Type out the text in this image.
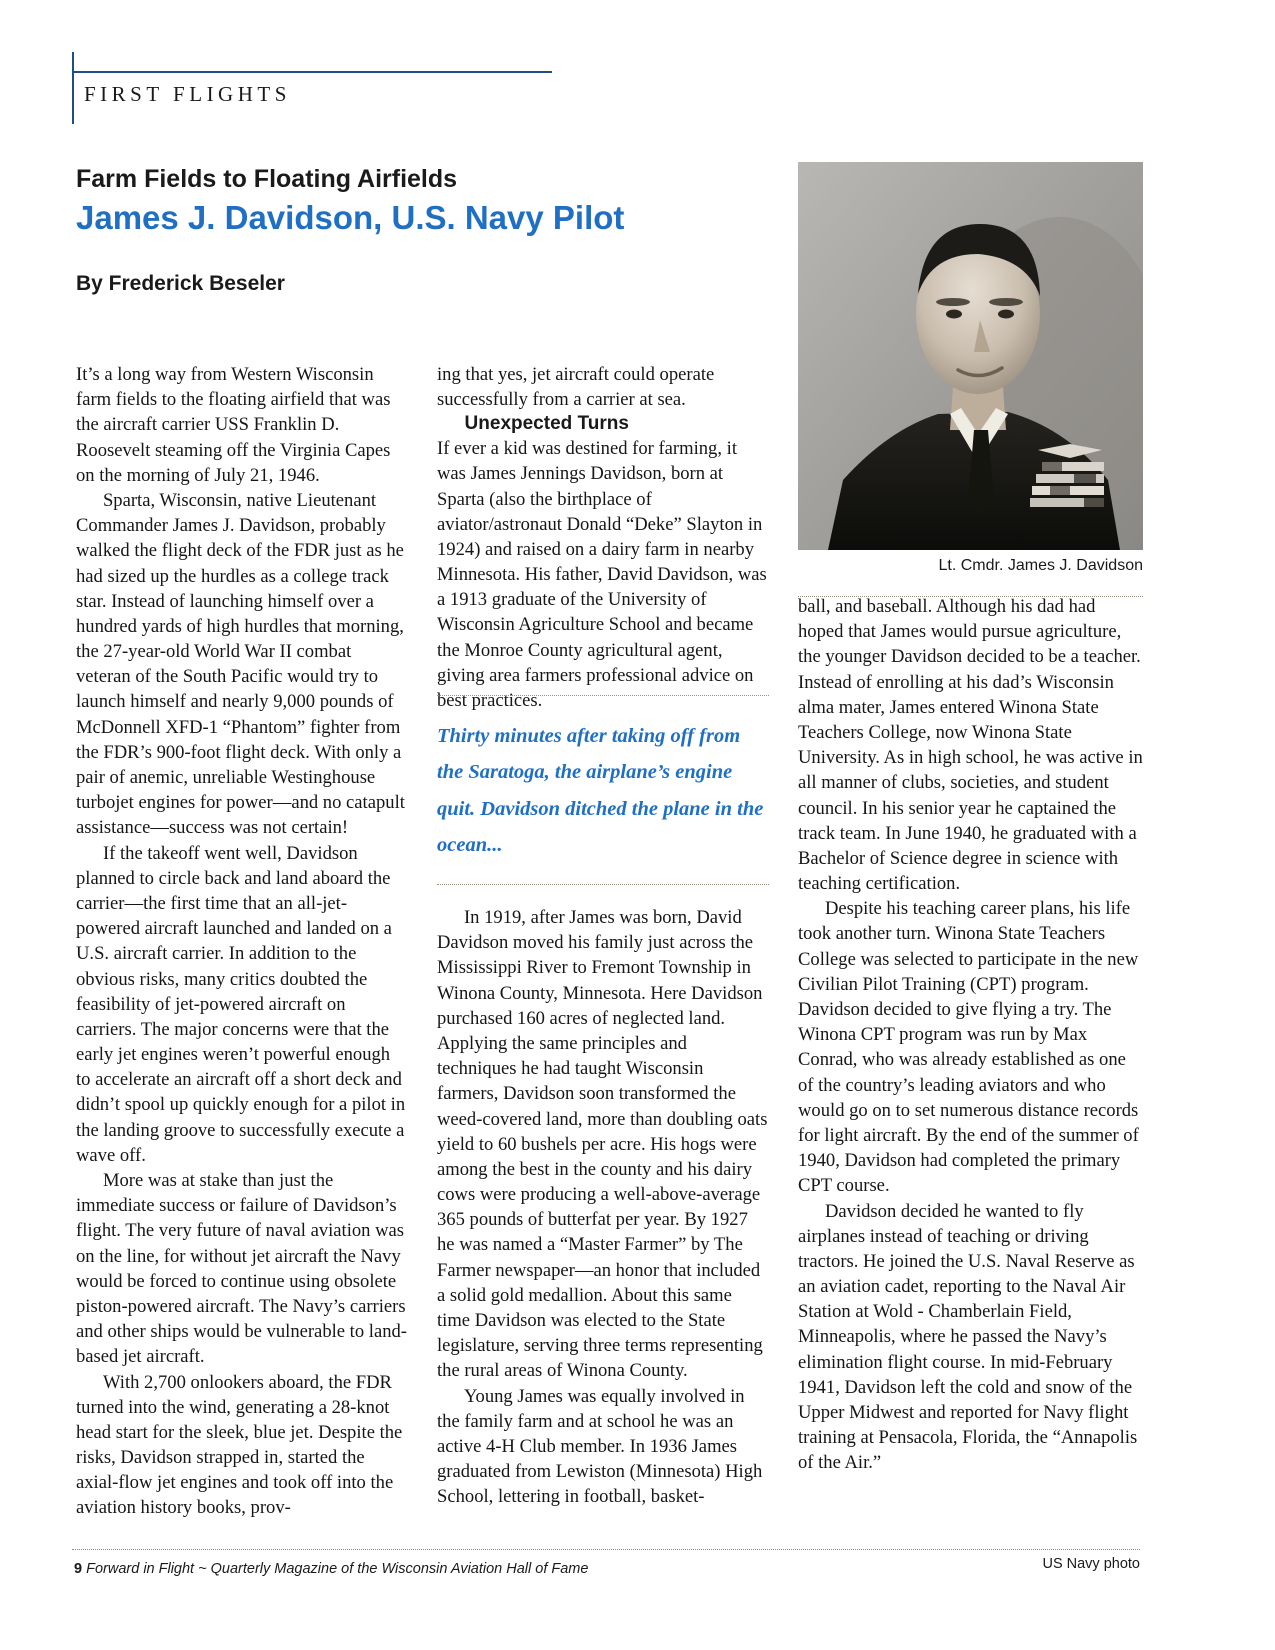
FIRST FLIGHTS
Farm Fields to Floating Airfields
James J. Davidson, U.S. Navy Pilot
By Frederick Beseler
Lt. Cmdr. James J. Davidson

It’s a long way from Western Wisconsin farm fields to the floating airfield that was the aircraft carrier USS Franklin D. Roosevelt steaming off the Virginia Capes on the morning of July 21, 1946.

Sparta, Wisconsin, native Lieutenant Commander James J. Davidson, probably walked the flight deck of the FDR just as he had sized up the hurdles as a college track star. Instead of launching himself over a hundred yards of high hurdles that morning, the 27-year-old World War II combat veteran of the South Pacific would try to launch himself and nearly 9,000 pounds of McDonnell XFD-1 “Phantom” fighter from the FDR’s 900-foot flight deck. With only a pair of anemic, unreliable Westinghouse turbojet engines for power—and no catapult assistance—success was not certain!

If the takeoff went well, Davidson planned to circle back and land aboard the carrier—the first time that an all-jet-powered aircraft launched and landed on a U.S. aircraft carrier. In addition to the obvious risks, many critics doubted the feasibility of jet-powered aircraft on carriers. The major concerns were that the early jet engines weren’t powerful enough to accelerate an aircraft off a short deck and didn’t spool up quickly enough for a pilot in the landing groove to successfully execute a wave off.

More was at stake than just the immediate success or failure of Davidson’s flight. The very future of naval aviation was on the line, for without jet aircraft the Navy would be forced to continue using obsolete piston-powered aircraft. The Navy’s carriers and other ships would be vulnerable to land-based jet aircraft.

With 2,700 onlookers aboard, the FDR turned into the wind, generating a 28-knot head start for the sleek, blue jet. Despite the risks, Davidson strapped in, started the axial-flow jet engines and took off into the aviation history books, prov-

ing that yes, jet aircraft could operate successfully from a carrier at sea.

Unexpected Turns

If ever a kid was destined for farming, it was James Jennings Davidson, born at Sparta (also the birthplace of aviator/astronaut Donald “Deke” Slayton in 1924) and raised on a dairy farm in nearby Minnesota. His father, David Davidson, was a 1913 graduate of the University of Wisconsin Agriculture School and became the Monroe County agricultural agent, giving area farmers professional advice on best practices.

Thirty minutes after taking off from the Saratoga, the airplane’s engine quit. Davidson ditched the plane in the ocean...

In 1919, after James was born, David Davidson moved his family just across the Mississippi River to Fremont Township in Winona County, Minnesota. Here Davidson purchased 160 acres of neglected land. Applying the same principles and techniques he had taught Wisconsin farmers, Davidson soon transformed the weed-covered land, more than doubling oats yield to 60 bushels per acre. His hogs were among the best in the county and his dairy cows were producing a well-above-average 365 pounds of butterfat per year. By 1927 he was named a “Master Farmer” by The Farmer newspaper—an honor that included a solid gold medallion. About this same time Davidson was elected to the State legislature, serving three terms representing the rural areas of Winona County.

Young James was equally involved in the family farm and at school he was an active 4-H Club member. In 1936 James graduated from Lewiston (Minnesota) High School, lettering in football, basket-

ball, and baseball. Although his dad had hoped that James would pursue agriculture, the younger Davidson decided to be a teacher. Instead of enrolling at his dad’s Wisconsin alma mater, James entered Winona State Teachers College, now Winona State University. As in high school, he was active in all manner of clubs, societies, and student council. In his senior year he captained the track team. In June 1940, he graduated with a Bachelor of Science degree in science with teaching certification.

Despite his teaching career plans, his life took another turn. Winona State Teachers College was selected to participate in the new Civilian Pilot Training (CPT) program. Davidson decided to give flying a try. The Winona CPT program was run by Max Conrad, who was already established as one of the country’s leading aviators and who would go on to set numerous distance records for light aircraft. By the end of the summer of 1940, Davidson had completed the primary CPT course.

Davidson decided he wanted to fly airplanes instead of teaching or driving tractors. He joined the U.S. Naval Reserve as an aviation cadet, reporting to the Naval Air Station at Wold - Chamberlain Field, Minneapolis, where he passed the Navy’s elimination flight course. In mid-February 1941, Davidson left the cold and snow of the Upper Midwest and reported for Navy flight training at Pensacola, Florida, the “Annapolis of the Air.”

9 Forward in Flight ~ Quarterly Magazine of the Wisconsin Aviation Hall of Fame	US Navy photo
